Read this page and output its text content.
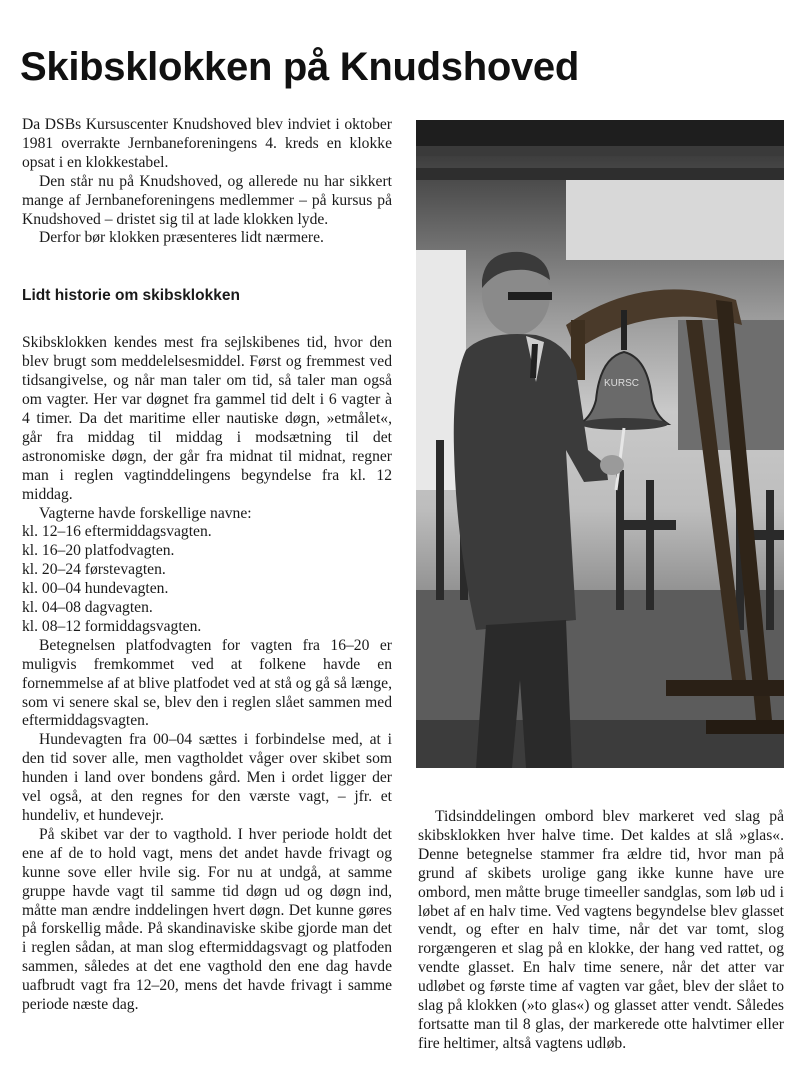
Skibsklokken på Knudshoved

Da DSBs Kursuscenter Knudshoved blev indviet i oktober 1981 overrakte Jernbaneforeningens 4. kreds en klokke opsat i en klokkestabel.

Den står nu på Knudshoved, og allerede nu har sikkert mange af Jernbaneforeningens medlemmer – på kursus på Knudshoved – dristet sig til at lade klokken lyde.

Derfor bør klokken præsenteres lidt nærmere.

Lidt historie om skibsklokken

Skibsklokken kendes mest fra sejlskibenes tid, hvor den blev brugt som meddelelsesmiddel. Først og fremmest ved tidsangivelse, og når man taler om tid, så taler man også om vagter. Her var døgnet fra gammel tid delt i 6 vagter à 4 timer. Da det maritime eller nautiske døgn, »etmålet«, går fra middag til middag i modsætning til det astronomiske døgn, der går fra midnat til midnat, regner man i reglen vagtinddelingens begyndelse fra kl. 12 middag.

Vagterne havde forskellige navne:

kl. 12–16 eftermiddagsvagten.
kl. 16–20 platfodvagten.
kl. 20–24 førstevagten.
kl. 00–04 hundevagten.
kl. 04–08 dagvagten.
kl. 08–12 formiddagsvagten.

Betegnelsen platfodvagten for vagten fra 16–20 er muligvis fremkommet ved at folkene havde en fornemmelse af at blive platfodet ved at stå og gå så længe, som vi senere skal se, blev den i reglen slået sammen med eftermiddagsvagten.

Hundevagten fra 00–04 sættes i forbindelse med, at i den tid sover alle, men vagtholdet våger over skibet som hunden i land over bondens gård. Men i ordet ligger der vel også, at den regnes for den værste vagt, – jfr. et hundeliv, et hundevejr.

På skibet var der to vagthold. I hver periode holdt det ene af de to hold vagt, mens det andet havde frivagt og kunne sove eller hvile sig. For nu at undgå, at samme gruppe havde vagt til samme tid døgn ud og døgn ind, måtte man ændre inddelingen hvert døgn. Det kunne gøres på forskellig måde. På skandinaviske skibe gjorde man det i reglen sådan, at man slog eftermiddagsvagt og platfoden sammen, således at det ene vagthold den ene dag havde uafbrudt vagt fra 12–20, mens det havde frivagt i samme periode næste dag.

KURSC

Tidsinddelingen ombord blev markeret ved slag på skibsklokken hver halve time. Det kaldes at slå »glas«. Denne betegnelse stammer fra ældre tid, hvor man på grund af skibets urolige gang ikke kunne have ure ombord, men måtte bruge timeeller sandglas, som løb ud i løbet af en halv time. Ved vagtens begyndelse blev glasset vendt, og efter en halv time, når det var tomt, slog rorgængeren et slag på en klokke, der hang ved rattet, og vendte glasset. En halv time senere, når det atter var udløbet og første time af vagten var gået, blev der slået to slag på klokken (»to glas«) og glasset atter vendt. Således fortsatte man til 8 glas, der markerede otte halvtimer eller fire heltimer, altså vagtens udløb.
